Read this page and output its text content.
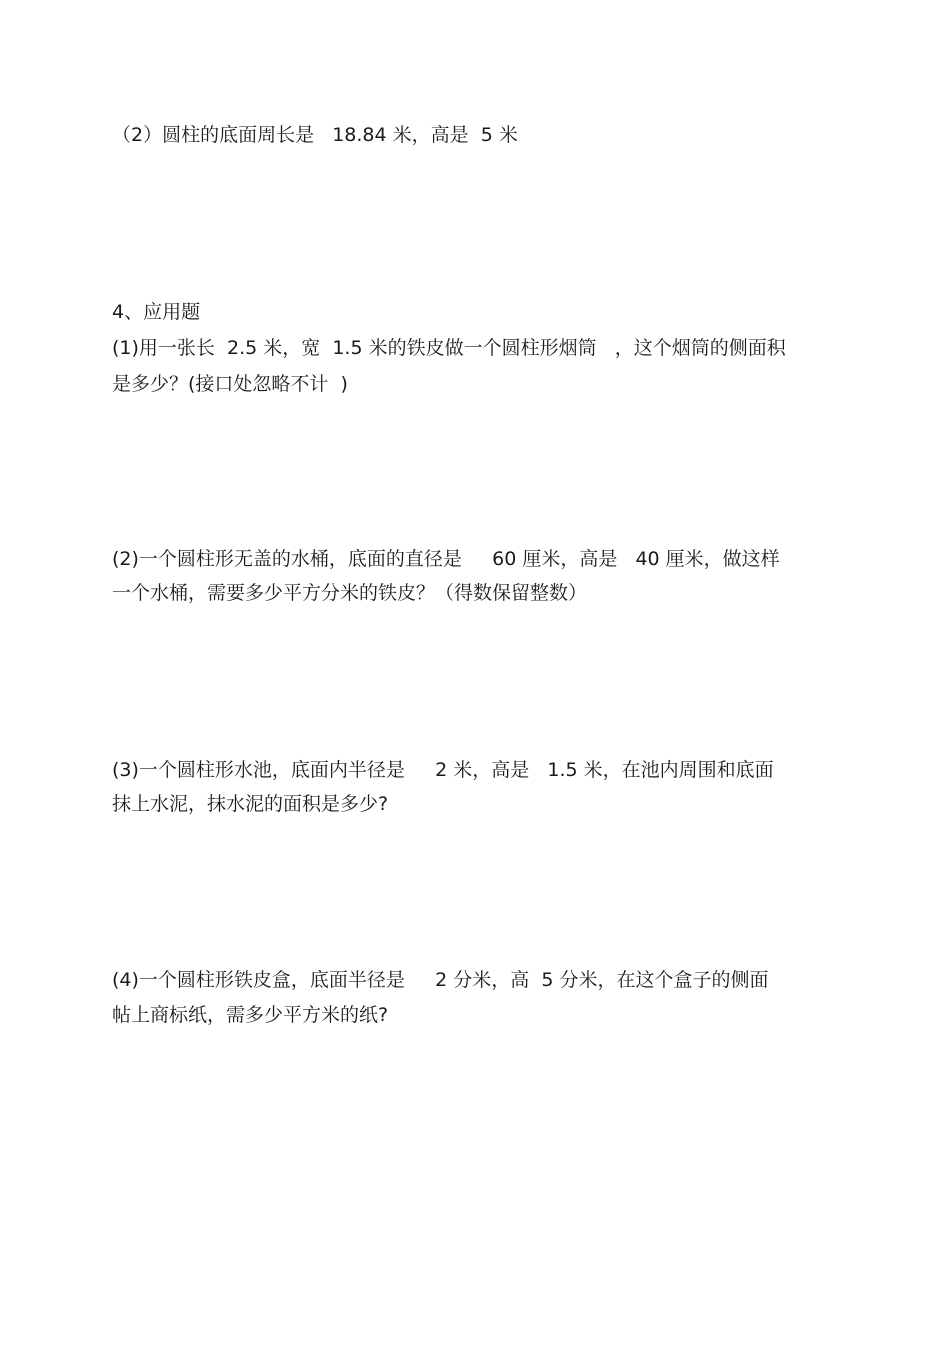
（2）圆柱的底面周长是   18.84 米，高是  5 米

4、应用题

(1)用一张长  2.5 米，宽  1.5 米的铁皮做一个圆柱形烟筒   ，这个烟筒的侧面积

是多少？(接口处忽略不计  )

(2)一个圆柱形无盖的水桶，底面的直径是     60 厘米，高是   40 厘米，做这样

一个水桶，需要多少平方分米的铁皮？（得数保留整数）

(3)一个圆柱形水池，底面内半径是     2 米，高是   1.5 米，在池内周围和底面

抹上水泥，抹水泥的面积是多少?

(4)一个圆柱形铁皮盒，底面半径是     2 分米，高  5 分米，在这个盒子的侧面

帖上商标纸，需多少平方米的纸?
